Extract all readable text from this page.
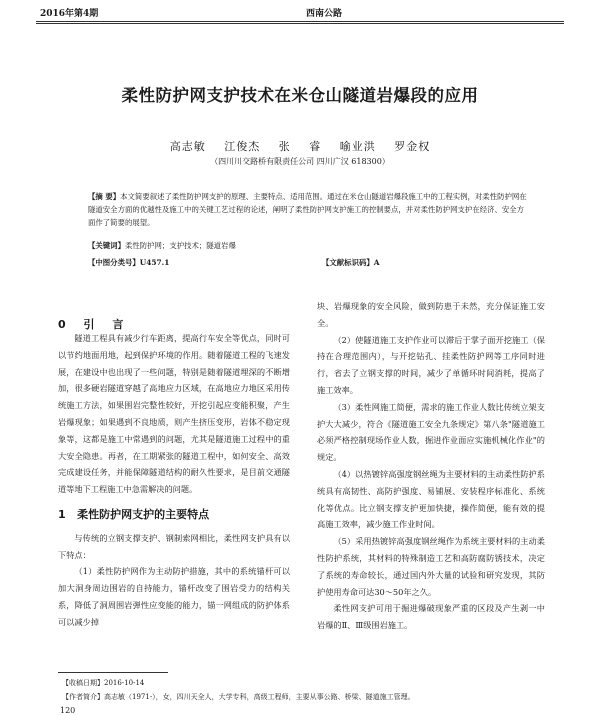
2016年第4期	西南公路
柔性防护网支护技术在米仓山隧道岩爆段的应用
高志敏 江俊杰 张 睿 喻业洪 罗金权
（四川川交路桥有限责任公司 四川广汉 618300）
【摘 要】本文简要叙述了柔性防护网支护的原理、主要特点、适用范围。通过在米仓山隧道岩爆段施工中的工程实例，对柔性防护网在隧道安全方面的优越性及施工中的关键工艺过程的论述，阐明了柔性防护网支护施工的控制要点，并对柔性防护网支护在经济、安全方面作了简要的展望。
【关键词】柔性防护网；支护技术；隧道岩爆
【中图分类号】U457.1	【文献标识码】A
0 引 言

隧道工程具有减少行车距离，提高行车安全等优点，同时可以节约地面用地，起到保护环境的作用。随着隧道工程的飞速发展，在建设中也出现了一些问题，特别是随着隧道埋深的不断增加，很多硬岩隧道穿越了高地应力区域，在高地应力地区采用传统施工方法，如果围岩完整性较好，开挖引起应变能积聚，产生岩爆现象；如果遇到不良地质，则产生挤压变形，岩体不稳定现象等，这都是施工中常遇到的问题，尤其是隧道施工过程中的重大安全隐患。再者，在工期紧张的隧道工程中，如何安全、高效完成建设任务，并能保障隧道结构的耐久性要求，是目前交通隧道等地下工程施工中急需解决的问题。

1 柔性防护网支护的主要特点

与传统的立钢支撑支护、钢制索网相比，柔性网支护具有以下特点：

（1）柔性防护网作为主动防护措施，其中的系统锚杆可以加大洞身周边围岩的自持能力，锚杆改变了围岩受力的结构关系，降低了洞周围岩弹性应变能的能力，锚一网组成的防护体系可以减少掉

块、岩爆现象的安全风险，做到防患于未然，充分保证施工安全。

（2）使隧道施工支护作业可以滞后于掌子面开挖施工（保持在合理范围内），与开挖钻孔、挂柔性防护网等工序同时进行，省去了立钢支撑的时间，减少了单循环时间消耗，提高了施工效率。

（3）柔性网施工简便，需求的施工作业人数比传统立架支护大大减少，符合《隧道施工安全九条规定》第八条"隧道施工必须严格控制现场作业人数，掘进作业面应实施机械化作业"的规定。

（4）以热镀锌高强度钢丝绳为主要材料的主动柔性防护系统具有高韧性、高防护强度、易铺展、安装程序标准化、系统化等优点。比立钢支撑支护更加快捷，操作简便，能有效的提高施工效率，减少施工作业时间。

（5）采用热镀锌高强度钢丝绳作为系统主要材料的主动柔性防护系统，其材料的特殊制造工艺和高防腐防锈技术，决定了系统的寿命较长，通过国内外大量的试验和研究发现，其防护使用寿命可达30～50年之久。

柔性网支护可用于掘进爆破现象严重的区段及产生剥一中岩爆的Ⅱ、Ⅲ级围岩施工。

【收稿日期】2016-10-14
【作者简介】高志敏（1971-），女，四川天全人，大学专科，高级工程师，主要从事公路、桥梁、隧道施工管理。
120
